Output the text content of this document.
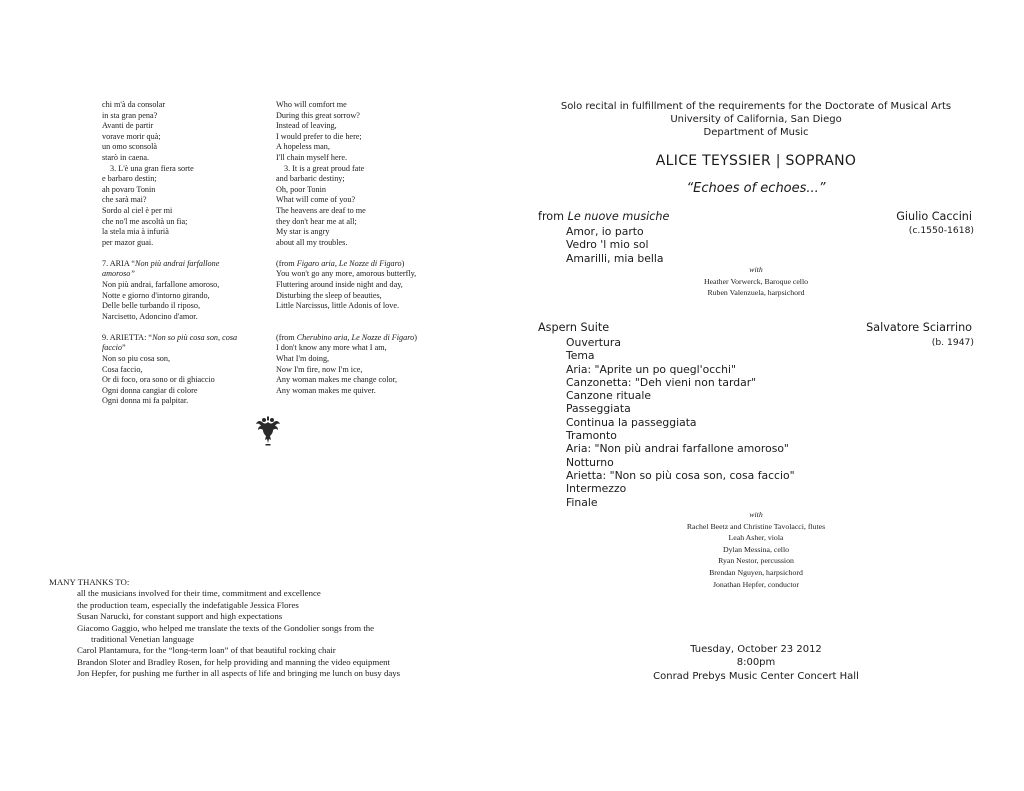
chi m'à da consolar
in sta gran pena?
Avanti de partir
vorave morir quà;
un omo sconsolà
starò in caena.
3. L'è una gran fiera sorte
e barbaro destin;
ah povaro Tonin
che sarà mai?
Sordo al ciel è per mi
che no'l me ascoltà un fia;
la stela mia à infurià
per mazor guai.
7. ARIA “Non più andrai farfallone
amoroso”
Non più andrai, farfallone amoroso,
Notte e giorno d'intorno girando,
Delle belle turbando il riposo,
Narcisetto, Adoncino d'amor.
9. ARIETTA: “Non so più cosa son, cosa
faccio”
Non so piu cosa son,
Cosa faccio,
Or di foco, ora sono or di ghiaccio
Ogni donna cangiar di colore
Ogni donna mi fa palpitar.
Who will comfort me
During this great sorrow?
Instead of leaving,
I would prefer to die here;
A hopeless man,
I'll chain myself here.
3. It is a great proud fate
and barbaric destiny;
Oh, poor Tonin
What will come of you?
The heavens are deaf to me
they don't hear me at all;
My star is angry
about all my troubles.
(from Figaro aria, Le Nozze di Figaro)
You won't go any more, amorous butterfly,
Fluttering around inside night and day,
Disturbing the sleep of beauties,
Little Narcissus, little Adonis of love.
(from Cherubino aria, Le Nozze di Figaro)
I don't know any more what I am,
What I'm doing,
Now I'm fire, now I'm ice,
Any woman makes me change color,
Any woman makes me quiver.
MANY THANKS TO:
all the musicians involved for their time, commitment and excellence
the production team, especially the indefatigable Jessica Flores
Susan Narucki, for constant support and high expectations
Giacomo Gaggio, who helped me translate the texts of the Gondolier songs from the
traditional Venetian language
Carol Plantamura, for the “long-term loan” of that beautiful rocking chair
Brandon Sloter and Bradley Rosen, for help providing and manning the video equipment
Jon Hepfer, for pushing me further in all aspects of life and bringing me lunch on busy days
Solo recital in fulfillment of the requirements for the Doctorate of Musical Arts
University of California, San Diego
Department of Music
ALICE TEYSSIER | SOPRANO
“Echoes of echoes...”
from Le nuove musiche	Giulio Caccini
(c.1550-1618)
Amor, io parto
Vedro 'l mio sol
Amarilli, mia bella
with
Heather Vorwerck, Baroque cello
Ruben Valenzuela, harpsichord
Aspern Suite	Salvatore Sciarrino
(b. 1947)
Ouvertura
Tema
Aria: "Aprite un po quegl'occhi"
Canzonetta: "Deh vieni non tardar"
Canzone rituale
Passeggiata
Continua la passeggiata
Tramonto
Aria: "Non più andrai farfallone amoroso"
Notturno
Arietta: "Non so più cosa son, cosa faccio"
Intermezzo
Finale
with
Rachel Beetz and Christine Tavolacci, flutes
Leah Asher, viola
Dylan Messina, cello
Ryan Nestor, percussion
Brendan Nguyen, harpsichord
Jonathan Hepfer, conductor
Tuesday, October 23 2012
8:00pm
Conrad Prebys Music Center Concert Hall
